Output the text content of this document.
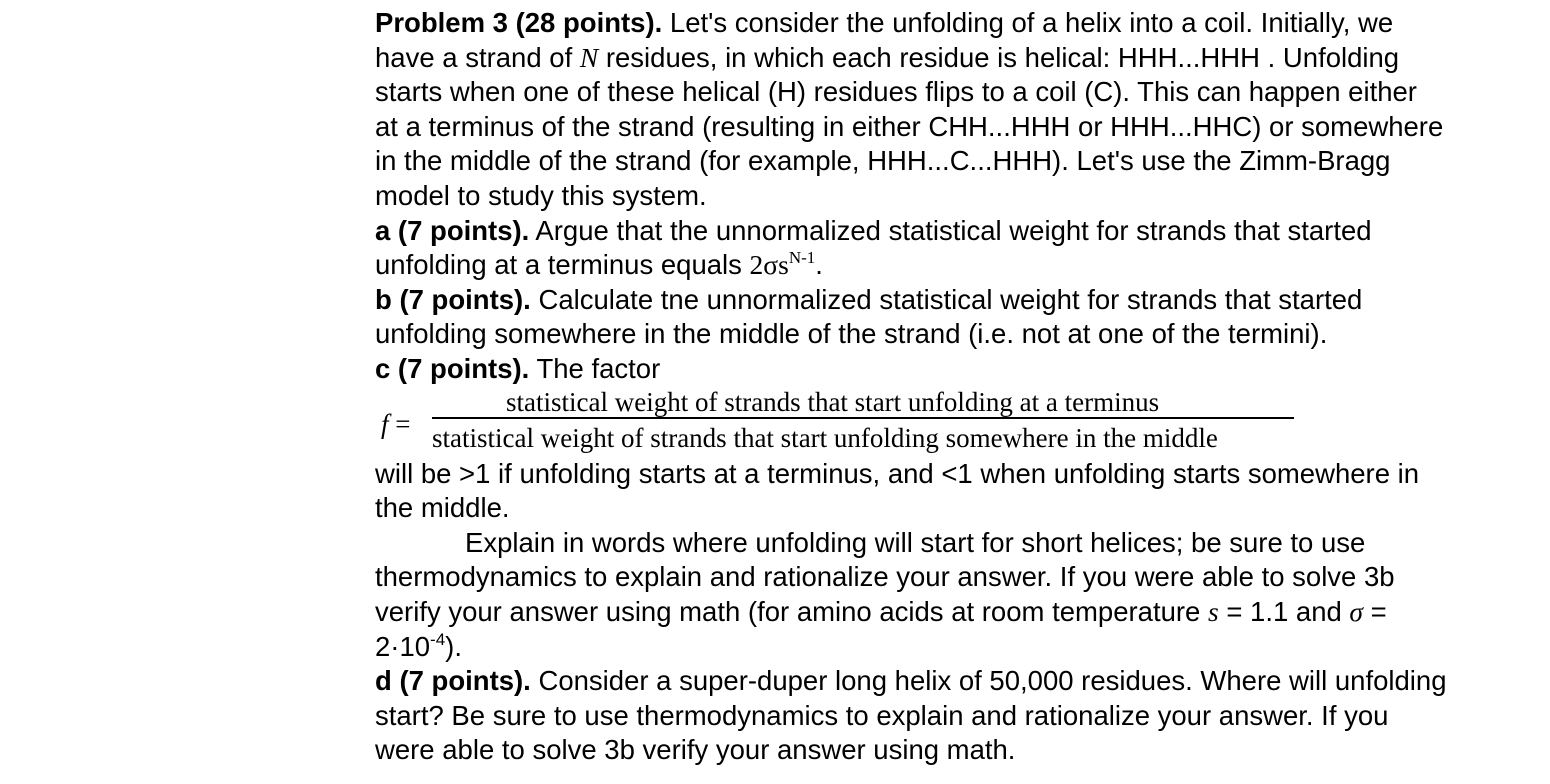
Problem 3 (28 points). Let's consider the unfolding of a helix into a coil. Initially, we
have a strand of N residues, in which each residue is helical: HHH...HHH . Unfolding
starts when one of these helical (H) residues flips to a coil (C). This can happen either
at a terminus of the strand (resulting in either CHH...HHH or HHH...HHC) or somewhere
in the middle of the strand (for example, HHH...C...HHH). Let's use the Zimm-Bragg
model to study this system.
a (7 points). Argue that the unnormalized statistical weight for strands that started
unfolding at a terminus equals $2\sigma s^{N-1}$.
b (7 points). Calculate tne unnormalized statistical weight for strands that started
unfolding somewhere in the middle of the strand (i.e. not at one of the termini).
c (7 points). The factor
f =
statistical weight of strands that start unfolding at a terminus
statistical weight of strands that start unfolding somewhere in the middle
will be >1 if unfolding starts at a terminus, and <1 when unfolding starts somewhere in
the middle.
Explain in words where unfolding will start for short helices; be sure to use
thermodynamics to explain and rationalize your answer. If you were able to solve 3b
verify your answer using math (for amino acids at room temperature s = 1.1 and σ =
$2\cdot 10^{-4}$).
d (7 points). Consider a super-duper long helix of 50,000 residues. Where will unfolding
start? Be sure to use thermodynamics to explain and rationalize your answer. If you
were able to solve 3b verify your answer using math.
